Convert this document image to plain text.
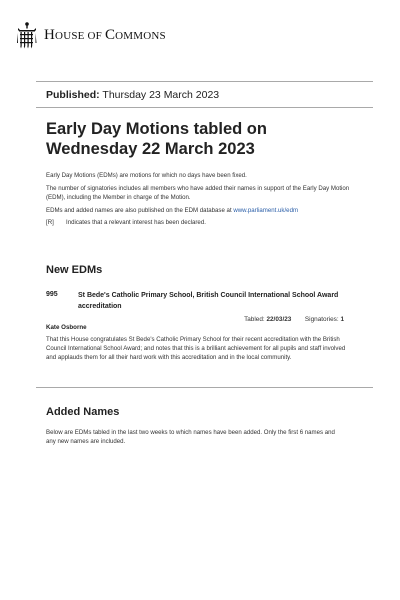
HOUSE OF COMMONS
Published: Thursday 23 March 2023
Early Day Motions tabled on
Wednesday 22 March 2023

Early Day Motions (EDMs) are motions for which no days have been fixed.

The number of signatories includes all members who have added their names in support of the Early Day Motion (EDM), including the Member in charge of the Motion.

EDMs and added names are also published on the EDM database at www.parliament.uk/edm

[R] Indicates that a relevant interest has been declared.

New EDMs
995	St Bede's Catholic Primary School, British Council International School Award accreditation
Tabled: 22/03/23 Signatories: 1
Kate Osborne
That this House congratulates St Bede's Catholic Primary School for their recent accreditation with the British Council International School Award; and notes that this is a brilliant achievement for all pupils and staff involved and applauds them for all their hard work with this accreditation and in the local community.
Added Names
Below are EDMs tabled in the last two weeks to which names have been added. Only the first 6 names and any new names are included.
